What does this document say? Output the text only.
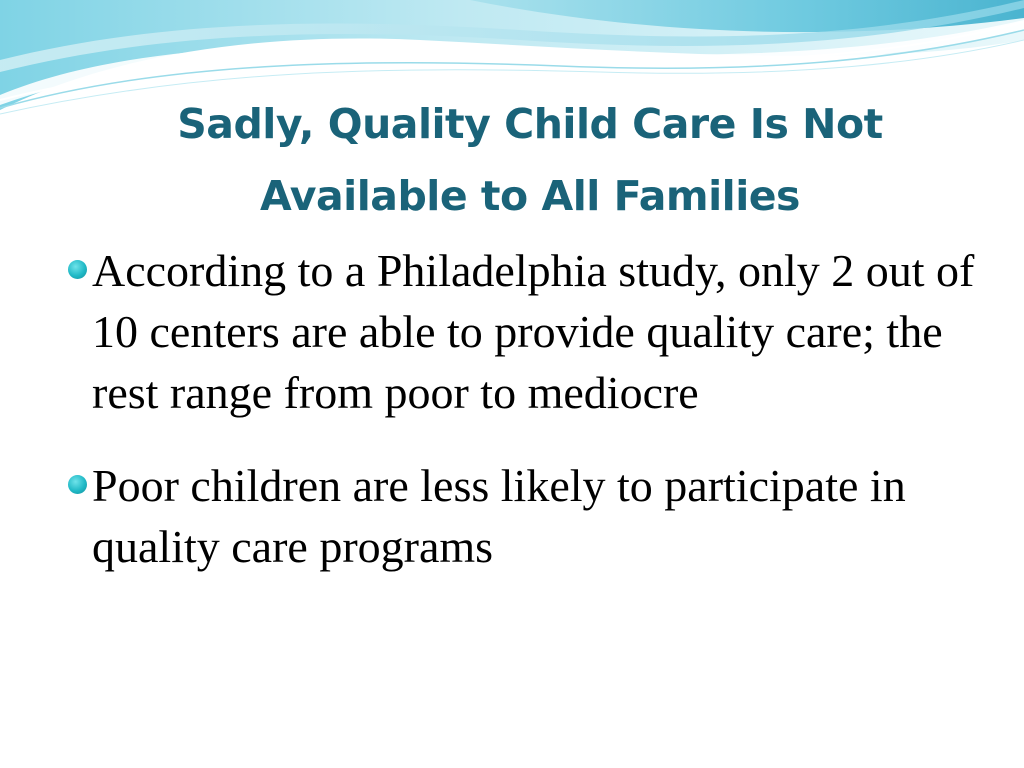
Sadly, Quality Child Care Is Not
Available to All Families
According to a Philadelphia study, only 2 out of 10 centers are able to provide quality care; the rest range from poor to mediocre
Poor children are less likely to participate in quality care programs
